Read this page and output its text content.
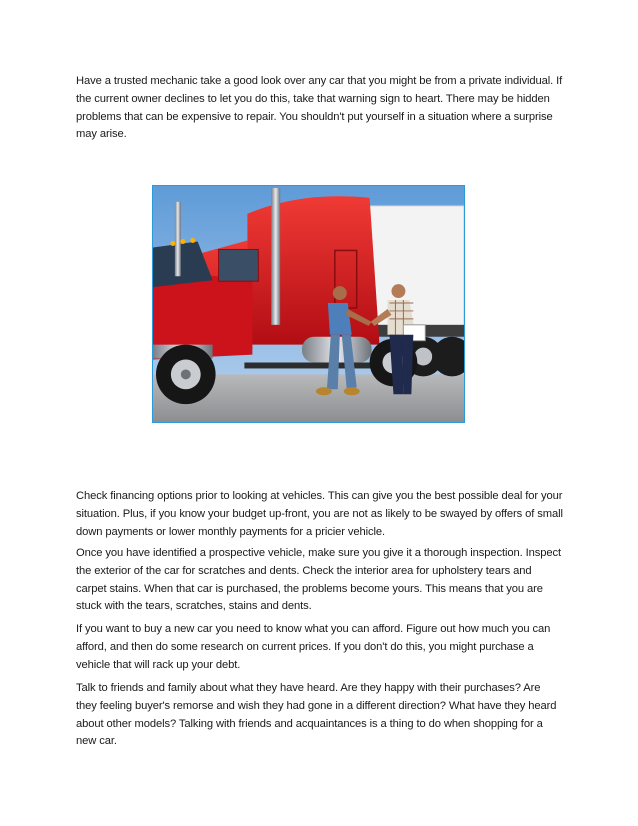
Have a trusted mechanic take a good look over any car that you might be from a private individual. If the current owner declines to let you do this, take that warning sign to heart. There may be hidden problems that can be expensive to repair. You shouldn't put yourself in a situation where a surprise may arise.

Check financing options prior to looking at vehicles. This can give you the best possible deal for your situation. Plus, if you know your budget up-front, you are not as likely to be swayed by offers of small down payments or lower monthly payments for a pricier vehicle.

Once you have identified a prospective vehicle, make sure you give it a thorough inspection. Inspect the exterior of the car for scratches and dents. Check the interior area for upholstery tears and carpet stains. When that car is purchased, the problems become yours. This means that you are stuck with the tears, scratches, stains and dents.

If you want to buy a new car you need to know what you can afford. Figure out how much you can afford, and then do some research on current prices. If you don't do this, you might purchase a vehicle that will rack up your debt.

Talk to friends and family about what they have heard. Are they happy with their purchases? Are they feeling buyer's remorse and wish they had gone in a different direction? What have they heard about other models? Talking with friends and acquaintances is a thing to do when shopping for a new car.
